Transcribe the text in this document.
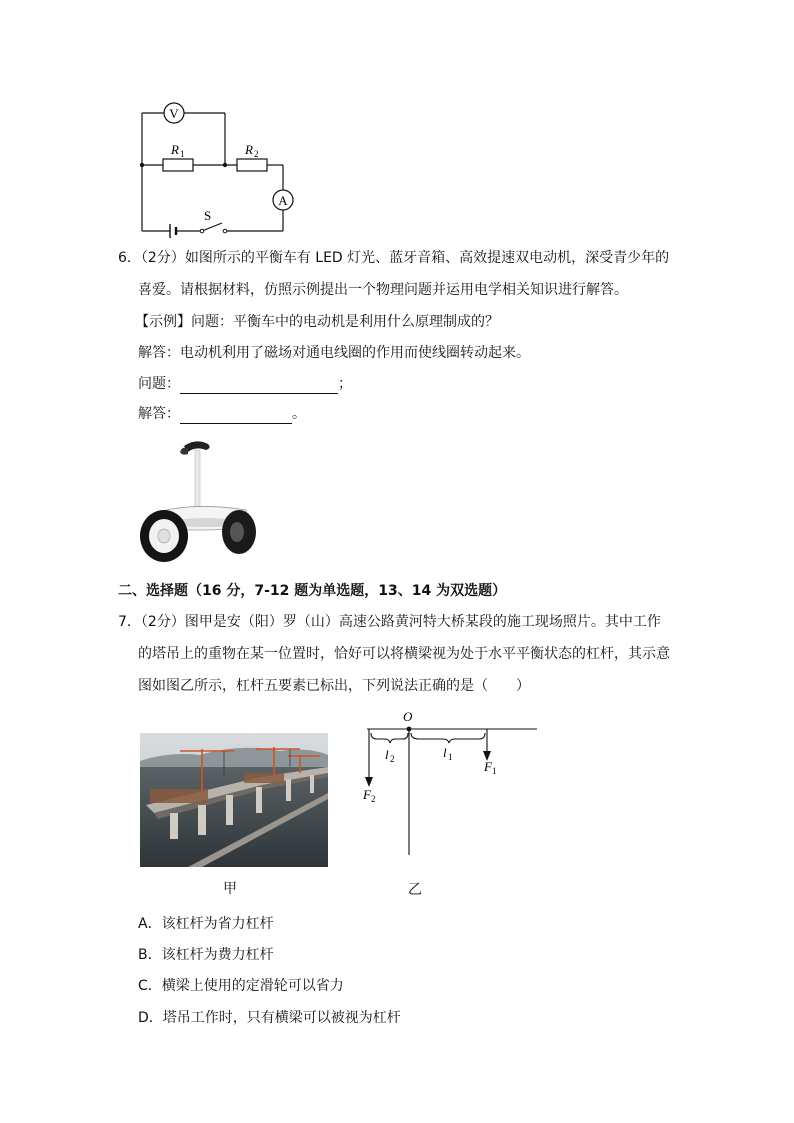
V
A
R 1	R 2
S
6．（2分）如图所示的平衡车有 LED 灯光、蓝牙音箱、高效提速双电动机，深受青少年的
喜爱。请根据材料，仿照示例提出一个物理问题并运用电学相关知识进行解答。
【示例】问题：平衡车中的电动机是利用什么原理制成的？
解答：电动机利用了磁场对通电线圈的作用而使线圈转动起来。
问题：	；
解答：	。
二、选择题（16 分，7-12 题为单选题，13、14 为双选题）
7．（2分）图甲是安（阳）罗（山）高速公路黄河特大桥某段的施工现场照片。其中工作
的塔吊上的重物在某一位置时，恰好可以将横梁视为处于水平平衡状态的杠杆，其示意
图如图乙所示，杠杆五要素已标出，下列说法正确的是（　　）
O
l 2	l 1
F 1
F 2
甲	乙
A．该杠杆为省力杠杆
B．该杠杆为费力杠杆
C．横梁上使用的定滑轮可以省力
D．塔吊工作时，只有横梁可以被视为杠杆
